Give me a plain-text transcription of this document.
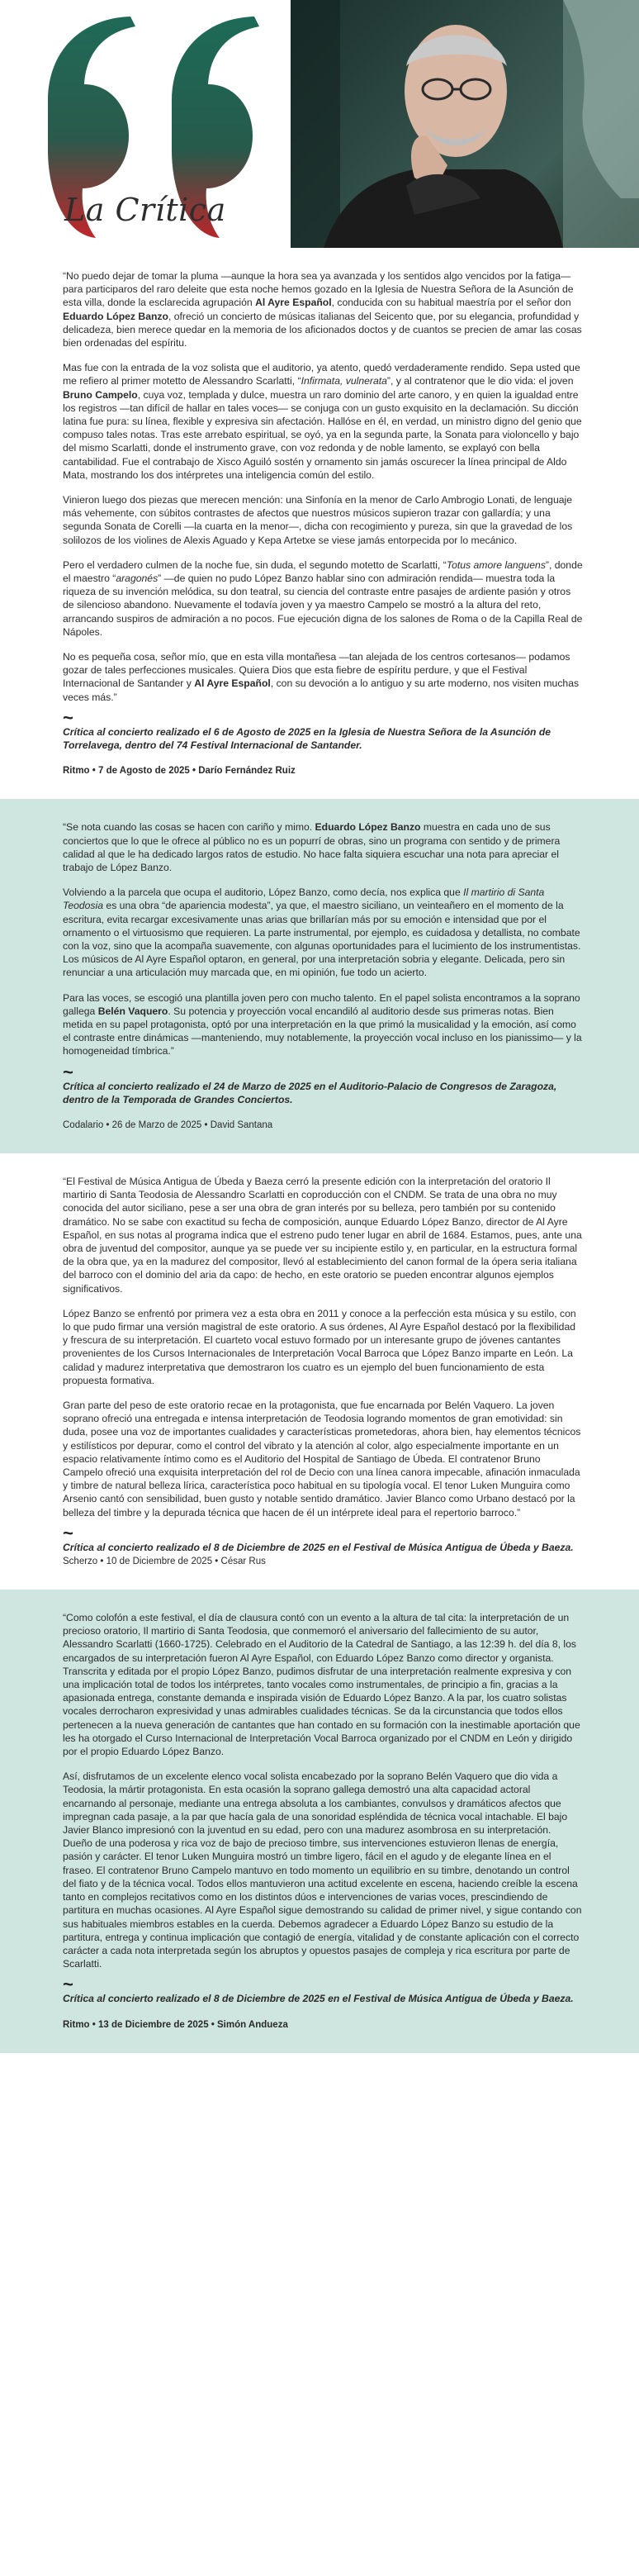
La Crítica

“No puedo dejar de tomar la pluma —aunque la hora sea ya avanzada y los sentidos algo vencidos por la fatiga— para participaros del raro deleite que esta noche hemos gozado en la Iglesia de Nuestra Señora de la Asunción de esta villa, donde la esclarecida agrupación Al Ayre Español, conducida con su habitual maestría por el señor don Eduardo López Banzo, ofreció un concierto de músicas italianas del Seicento que, por su elegancia, profundidad y delicadeza, bien merece quedar en la memoria de los aficionados doctos y de cuantos se precien de amar las cosas bien ordenadas del espíritu.

Mas fue con la entrada de la voz solista que el auditorio, ya atento, quedó verdaderamente rendido. Sepa usted que me refiero al primer motetto de Alessandro Scarlatti, “Infirmata, vulnerata”, y al contratenor que le dio vida: el joven Bruno Campelo, cuya voz, templada y dulce, muestra un raro dominio del arte canoro, y en quien la igualdad entre los registros —tan difícil de hallar en tales voces— se conjuga con un gusto exquisito en la declamación. Su dicción latina fue pura: su línea, flexible y expresiva sin afectación. Hallóse en él, en verdad, un ministro digno del genio que compuso tales notas. Tras este arrebato espiritual, se oyó, ya en la segunda parte, la Sonata para violoncello y bajo del mismo Scarlatti, donde el instrumento grave, con voz redonda y de noble lamento, se explayó con bella cantabilidad. Fue el contrabajo de Xisco Aguiló sostén y ornamento sin jamás oscurecer la línea principal de Aldo Mata, mostrando los dos intérpretes una inteligencia común del estilo.

Vinieron luego dos piezas que merecen mención: una Sinfonía en la menor de Carlo Ambrogio Lonati, de lenguaje más vehemente, con súbitos contrastes de afectos que nuestros músicos supieron trazar con gallardía; y una segunda Sonata de Corelli —la cuarta en la menor—, dicha con recogimiento y pureza, sin que la gravedad de los solilozos de los violines de Alexis Aguado y Kepa Artetxe se viese jamás entorpecida por lo mecánico.

Pero el verdadero culmen de la noche fue, sin duda, el segundo motetto de Scarlatti, “Totus amore languens”, donde el maestro “aragonés” —de quien no pudo López Banzo hablar sino con admiración rendida— muestra toda la riqueza de su invención melódica, su don teatral, su ciencia del contraste entre pasajes de ardiente pasión y otros de silencioso abandono. Nuevamente el todavía joven y ya maestro Campelo se mostró a la altura del reto, arrancando suspiros de admiración a no pocos. Fue ejecución digna de los salones de Roma o de la Capilla Real de Nápoles.

No es pequeña cosa, señor mío, que en esta villa montañesa —tan alejada de los centros cortesanos— podamos gozar de tales perfecciones musicales. Quiera Dios que esta fiebre de espíritu perdure, y que el Festival Internacional de Santander y Al Ayre Español, con su devoción a lo antiguo y su arte moderno, nos visiten muchas veces más.”

~

Crítica al concierto realizado el 6 de Agosto de 2025 en la Iglesia de Nuestra Señora de la Asunción de Torrelavega, dentro del 74 Festival Internacional de Santander.

Ritmo • 7 de Agosto de 2025 • Darío Fernández Ruiz

“Se nota cuando las cosas se hacen con cariño y mimo. Eduardo López Banzo muestra en cada uno de sus conciertos que lo que le ofrece al público no es un popurrí de obras, sino un programa con sentido y de primera calidad al que le ha dedicado largos ratos de estudio. No hace falta siquiera escuchar una nota para apreciar el trabajo de López Banzo.

Volviendo a la parcela que ocupa el auditorio, López Banzo, como decía, nos explica que Il martirio di Santa Teodosia es una obra “de apariencia modesta”, ya que, el maestro siciliano, un veinteañero en el momento de la escritura, evita recargar excesivamente unas arias que brillarían más por su emoción e intensidad que por el ornamento o el virtuosismo que requieren. La parte instrumental, por ejemplo, es cuidadosa y detallista, no combate con la voz, sino que la acompaña suavemente, con algunas oportunidades para el lucimiento de los instrumentistas. Los músicos de Al Ayre Español optaron, en general, por una interpretación sobria y elegante. Delicada, pero sin renunciar a una articulación muy marcada que, en mi opinión, fue todo un acierto.

Para las voces, se escogió una plantilla joven pero con mucho talento. En el papel solista encontramos a la soprano gallega Belén Vaquero. Su potencia y proyección vocal encandiló al auditorio desde sus primeras notas. Bien metida en su papel protagonista, optó por una interpretación en la que primó la musicalidad y la emoción, así como el contraste entre dinámicas —manteniendo, muy notablemente, la proyección vocal incluso en los pianissimo— y la homogeneidad tímbrica.”

~

Crítica al concierto realizado el 24 de Marzo de 2025 en el Auditorio-Palacio de Congresos de Zaragoza, dentro de la Temporada de Grandes Conciertos.

Codalario • 26 de Marzo de 2025 • David Santana

“El Festival de Música Antigua de Úbeda y Baeza cerró la presente edición con la interpretación del oratorio Il martirio di Santa Teodosia de Alessandro Scarlatti en coproducción con el CNDM. Se trata de una obra no muy conocida del autor siciliano, pese a ser una obra de gran interés por su belleza, pero también por su contenido dramático. No se sabe con exactitud su fecha de composición, aunque Eduardo López Banzo, director de Al Ayre Español, en sus notas al programa indica que el estreno pudo tener lugar en abril de 1684. Estamos, pues, ante una obra de juventud del compositor, aunque ya se puede ver su incipiente estilo y, en particular, en la estructura formal de la obra que, ya en la madurez del compositor, llevó al establecimiento del canon formal de la ópera seria italiana del barroco con el dominio del aria da capo: de hecho, en este oratorio se pueden encontrar algunos ejemplos significativos.

López Banzo se enfrentó por primera vez a esta obra en 2011 y conoce a la perfección esta música y su estilo, con lo que pudo firmar una versión magistral de este oratorio. A sus órdenes, Al Ayre Español destacó por la flexibilidad y frescura de su interpretación. El cuarteto vocal estuvo formado por un interesante grupo de jóvenes cantantes provenientes de los Cursos Internacionales de Interpretación Vocal Barroca que López Banzo imparte en León. La calidad y madurez interpretativa que demostraron los cuatro es un ejemplo del buen funcionamiento de esta propuesta formativa.

Gran parte del peso de este oratorio recae en la protagonista, que fue encarnada por Belén Vaquero. La joven soprano ofreció una entregada e intensa interpretación de Teodosia logrando momentos de gran emotividad: sin duda, posee una voz de importantes cualidades y características prometedoras, ahora bien, hay elementos técnicos y estilísticos por depurar, como el control del vibrato y la atención al color, algo especialmente importante en un espacio relativamente íntimo como es el Auditorio del Hospital de Santiago de Úbeda. El contratenor Bruno Campelo ofreció una exquisita interpretación del rol de Decio con una línea canora impecable, afinación inmaculada y timbre de natural belleza lírica, característica poco habitual en su tipología vocal. El tenor Luken Munguira como Arsenio cantó con sensibilidad, buen gusto y notable sentido dramático. Javier Blanco como Urbano destacó por la belleza del timbre y la depurada técnica que hacen de él un intérprete ideal para el repertorio barroco.”

~

Crítica al concierto realizado el 8 de Diciembre de 2025 en el Festival de Música Antigua de Úbeda y Baeza. Scherzo • 10 de Diciembre de 2025 • César Rus

“Como colofón a este festival, el día de clausura contó con un evento a la altura de tal cita: la interpretación de un precioso oratorio, Il martirio di Santa Teodosia, que conmemoró el aniversario del fallecimiento de su autor, Alessandro Scarlatti (1660-1725). Celebrado en el Auditorio de la Catedral de Santiago, a las 12:39 h. del día 8, los encargados de su interpretación fueron Al Ayre Español, con Eduardo López Banzo como director y organista. Transcrita y editada por el propio López Banzo, pudimos disfrutar de una interpretación realmente expresiva y con una implicación total de todos los intérpretes, tanto vocales como instrumentales, de principio a fin, gracias a la apasionada entrega, constante demanda e inspirada visión de Eduardo López Banzo. A la par, los cuatro solistas vocales derrocharon expresividad y unas admirables cualidades técnicas. Se da la circunstancia que todos ellos pertenecen a la nueva generación de cantantes que han contado en su formación con la inestimable aportación que les ha otorgado el Curso Internacional de Interpretación Vocal Barroca organizado por el CNDM en León y dirigido por el propio Eduardo López Banzo.

Así, disfrutamos de un excelente elenco vocal solista encabezado por la soprano Belén Vaquero que dio vida a Teodosia, la mártir protagonista. En esta ocasión la soprano gallega demostró una alta capacidad actoral encarnando al personaje, mediante una entrega absoluta a los cambiantes, convulsos y dramáticos afectos que impregnan cada pasaje, a la par que hacía gala de una sonoridad espléndida de técnica vocal intachable. El bajo Javier Blanco impresionó con la juventud en su edad, pero con una madurez asombrosa en su interpretación. Dueño de una poderosa y rica voz de bajo de precioso timbre, sus intervenciones estuvieron llenas de energía, pasión y carácter. El tenor Luken Munguira mostró un timbre ligero, fácil en el agudo y de elegante línea en el fraseo. El contratenor Bruno Campelo mantuvo en todo momento un equilibrio en su timbre, denotando un control del fiato y de la técnica vocal. Todos ellos mantuvieron una actitud excelente en escena, haciendo creíble la escena tanto en complejos recitativos como en los distintos dúos e intervenciones de varias voces, prescindiendo de partitura en muchas ocasiones. Al Ayre Español sigue demostrando su calidad de primer nivel, y sigue contando con sus habituales miembros estables en la cuerda. Debemos agradecer a Eduardo López Banzo su estudio de la partitura, entrega y continua implicación que contagió de energía, vitalidad y de constante aplicación con el correcto carácter a cada nota interpretada según los abruptos y opuestos pasajes de compleja y rica escritura por parte de Scarlatti.

~

Crítica al concierto realizado el 8 de Diciembre de 2025 en el Festival de Música Antigua de Úbeda y Baeza.

Ritmo • 13 de Diciembre de 2025 • Simón Andueza
